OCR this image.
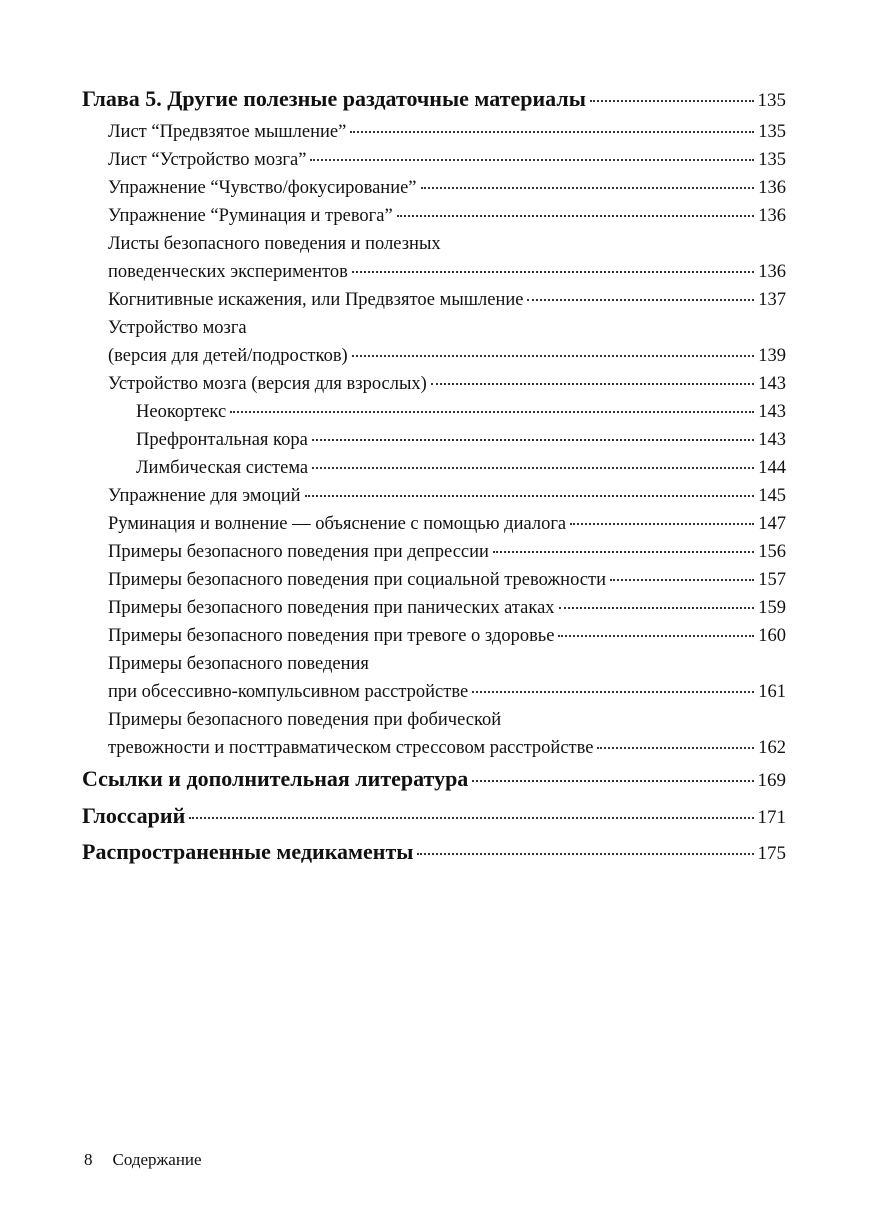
Глава 5. Другие полезные раздаточные материалы	135
Лист “Предвзятое мышление”	135
Лист “Устройство мозга”	135
Упражнение “Чувство/фокусирование”	136
Упражнение “Руминация и тревога”	136
Листы безопасного поведения и полезных
поведенческих экспериментов	136
Когнитивные искажения, или Предвзятое мышление	137
Устройство мозга
(версия для детей/подростков)	139
Устройство мозга (версия для взрослых)	143
Неокортекс	143
Префронтальная кора	143
Лимбическая система	144
Упражнение для эмоций	145
Руминация и волнение — объяснение с помощью диалога	147
Примеры безопасного поведения при депрессии	156
Примеры безопасного поведения при социальной тревожности	157
Примеры безопасного поведения при панических атаках	159
Примеры безопасного поведения при тревоге о здоровье	160
Примеры безопасного поведения
при обсессивно-компульсивном расстройстве	161
Примеры безопасного поведения при фобической
тревожности и посттравматическом стрессовом расстройстве	162
Ссылки и дополнительная литература	169
Глоссарий	171
Распространенные медикаменты	175
8 Содержание
